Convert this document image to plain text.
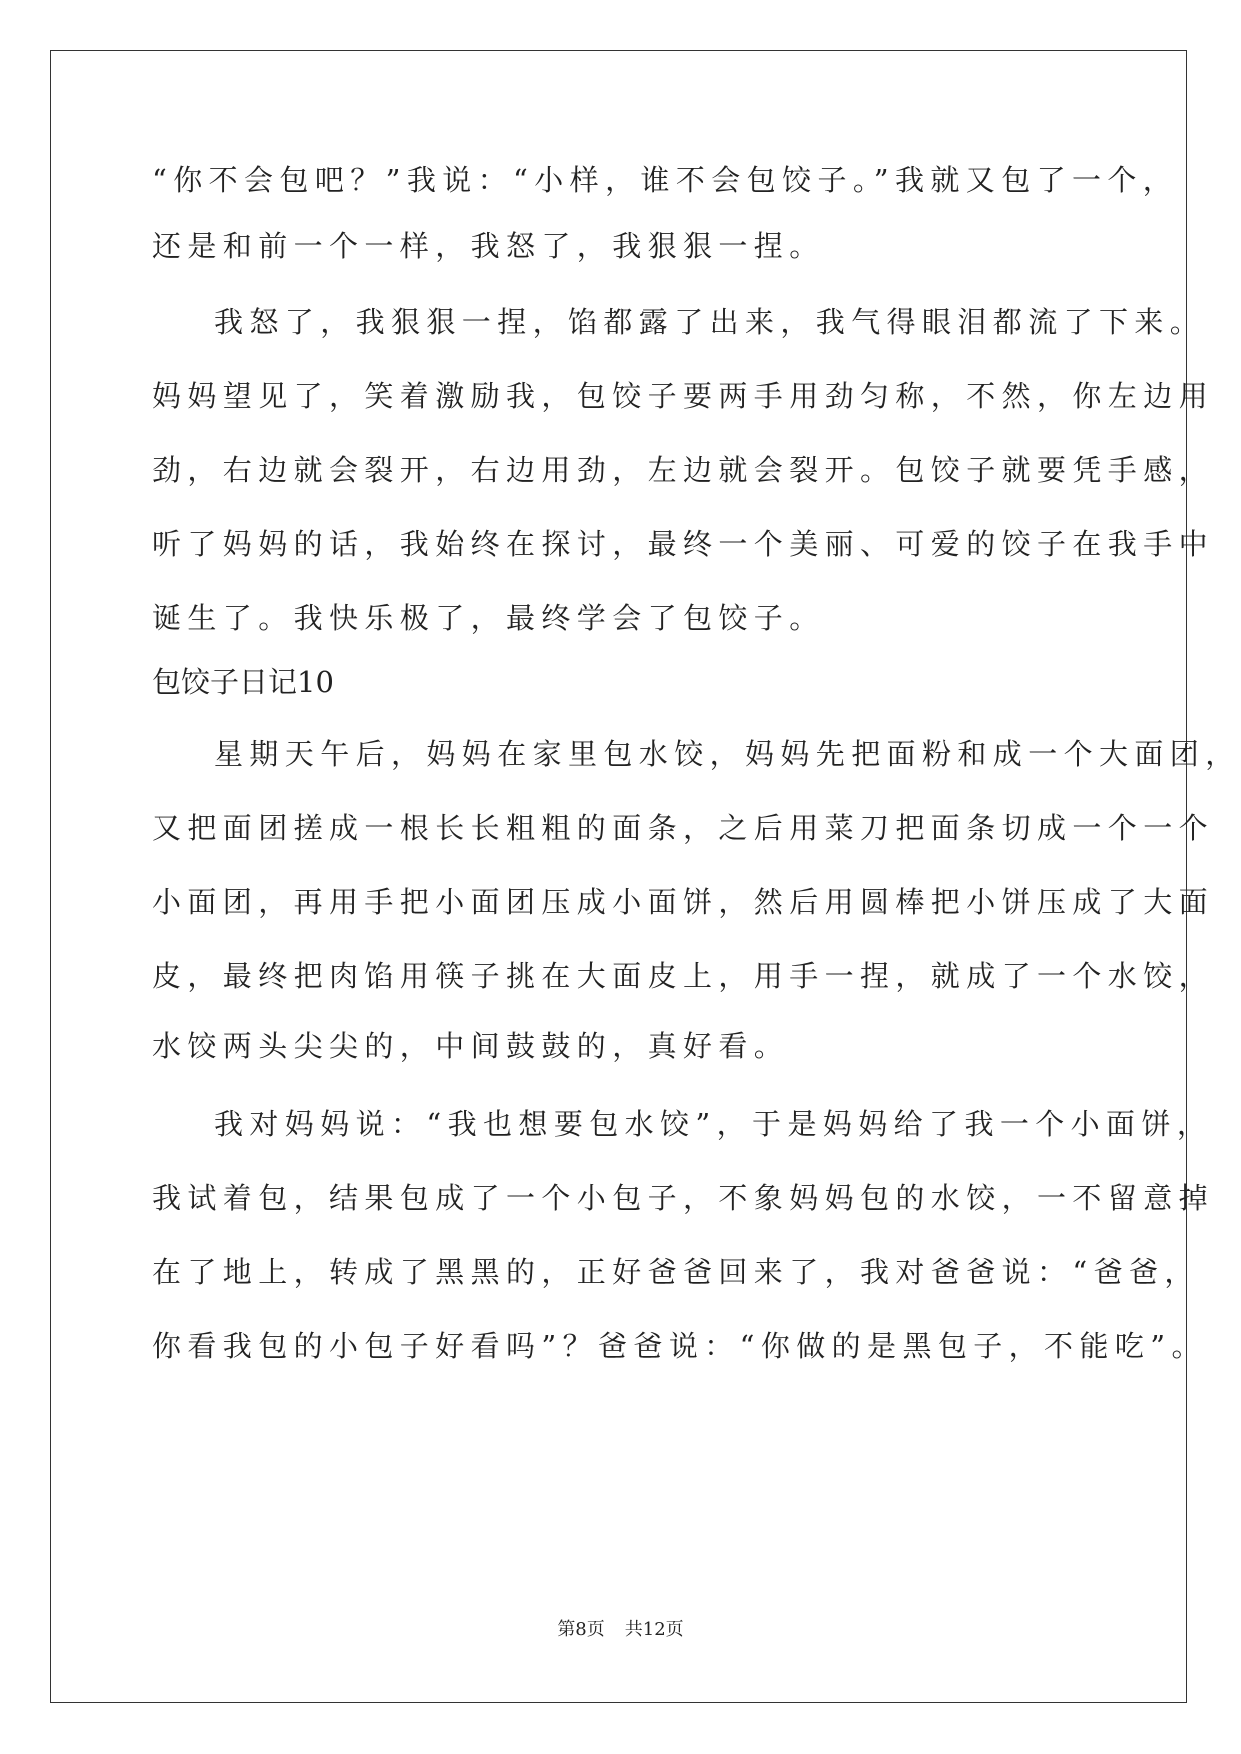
“你不会包吧？”我说：“小样，谁不会包饺子。”我就又包了一个，
还是和前一个一样，我怒了，我狠狠一捏。
我怒了，我狠狠一捏，馅都露了出来，我气得眼泪都流了下来。
妈妈望见了，笑着激励我，包饺子要两手用劲匀称，不然，你左边用
劲，右边就会裂开，右边用劲，左边就会裂开。包饺子就要凭手感，
听了妈妈的话，我始终在探讨，最终一个美丽、可爱的饺子在我手中
诞生了。我快乐极了，最终学会了包饺子。
包饺子日记10
星期天午后，妈妈在家里包水饺，妈妈先把面粉和成一个大面团，
又把面团搓成一根长长粗粗的面条，之后用菜刀把面条切成一个一个
小面团，再用手把小面团压成小面饼，然后用圆棒把小饼压成了大面
皮，最终把肉馅用筷子挑在大面皮上，用手一捏，就成了一个水饺，
水饺两头尖尖的，中间鼓鼓的，真好看。
我对妈妈说：“我也想要包水饺”，于是妈妈给了我一个小面饼，
我试着包，结果包成了一个小包子，不象妈妈包的水饺，一不留意掉
在了地上，转成了黑黑的，正好爸爸回来了，我对爸爸说：“爸爸，
你看我包的小包子好看吗”？爸爸说：“你做的是黑包子，不能吃”。
第8页 共12页
